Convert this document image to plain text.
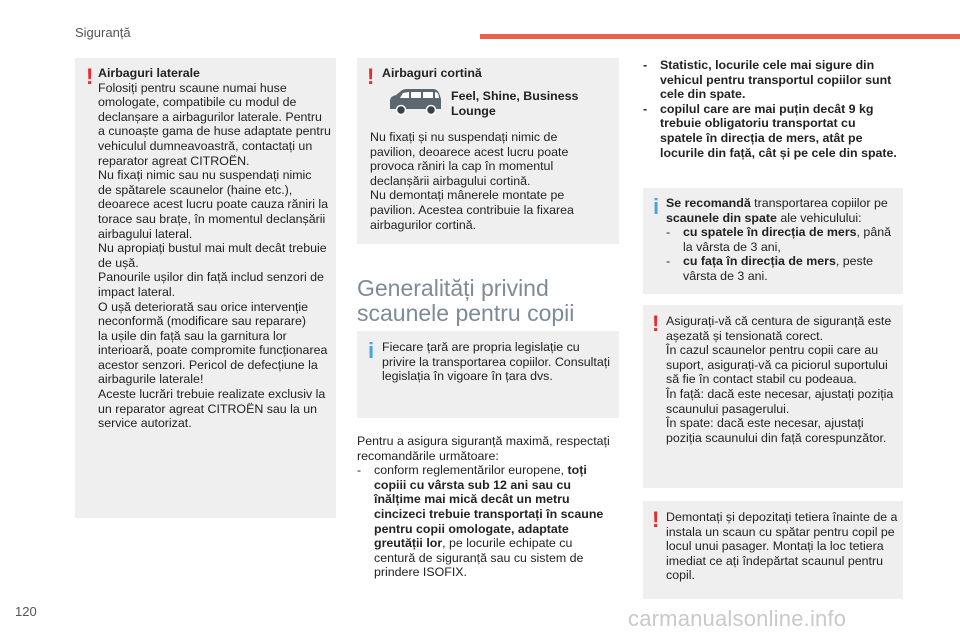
Siguranță
120	carmanualsonline.info
! Airbaguri laterale
Folosiți pentru scaune numai huse
omologate, compatibile cu modul de
declanșare a airbagurilor laterale. Pentru
a cunoaște gama de huse adaptate pentru
vehiculul dumneavoastră, contactați un
reparator agreat CITROËN.
Nu fixați nimic sau nu suspendați nimic
de spătarele scaunelor (haine etc.),
deoarece acest lucru poate cauza răniri la
torace sau brațe, în momentul declanșării
airbagului lateral.
Nu apropiați bustul mai mult decât trebuie
de ușă.
Panourile ușilor din față includ senzori de
impact lateral.
O ușă deteriorată sau orice intervenție
neconformă (modificare sau reparare)
la ușile din față sau la garnitura lor
interioară, poate compromite funcționarea
acestor senzori. Pericol de defecțiune la
airbagurile laterale!
Aceste lucrări trebuie realizate exclusiv la
un reparator agreat CITROËN sau la un
service autorizat.
! Airbaguri cortină
Feel, Shine, Business
Lounge
Nu fixați și nu suspendați nimic de
pavilion, deoarece acest lucru poate
provoca răniri la cap în momentul
declanșării airbagului cortină.
Nu demontați mânerele montate pe
pavilion. Acestea contribuie la fixarea
airbagurilor cortină.
Generalități privind
scaunele pentru copii
i Fiecare țară are propria legislație cu
privire la transportarea copiilor. Consultați
legislația în vigoare în țara dvs.
Pentru a asigura siguranță maximă, respectați
recomandările următoare:
-	conform reglementărilor europene, toți
copiii cu vârsta sub 12 ani sau cu
înălțime mai mică decât un metru
cincizeci trebuie transportați în scaune
pentru copii omologate, adaptate
greutății lor, pe locurile echipate cu
centură de siguranță sau cu sistem de
prindere ISOFIX.
-	Statistic, locurile cele mai sigure din
vehicul pentru transportul copiilor sunt
cele din spate.
-	copilul care are mai puțin decât 9 kg
trebuie obligatoriu transportat cu
spatele în direcția de mers, atât pe
locurile din față, cât și pe cele din spate.
i Se recomandă transportarea copiilor pe
scaunele din spate ale vehiculului:
-	cu spatele în direcția de mers, până
la vârsta de 3 ani,
-	cu fața în direcția de mers, peste
vârsta de 3 ani.
! Asigurați-vă că centura de siguranță este
așezată și tensionată corect.
În cazul scaunelor pentru copii care au
suport, asigurați-vă ca piciorul suportului
să fie în contact stabil cu podeaua.
În față: dacă este necesar, ajustați poziția
scaunului pasagerului.
În spate: dacă este necesar, ajustați
poziția scaunului din față corespunzător.
! Demontați și depozitați tetiera înainte de a
instala un scaun cu spătar pentru copil pe
locul unui pasager. Montați la loc tetiera
imediat ce ați îndepărtat scaunul pentru
copil.
